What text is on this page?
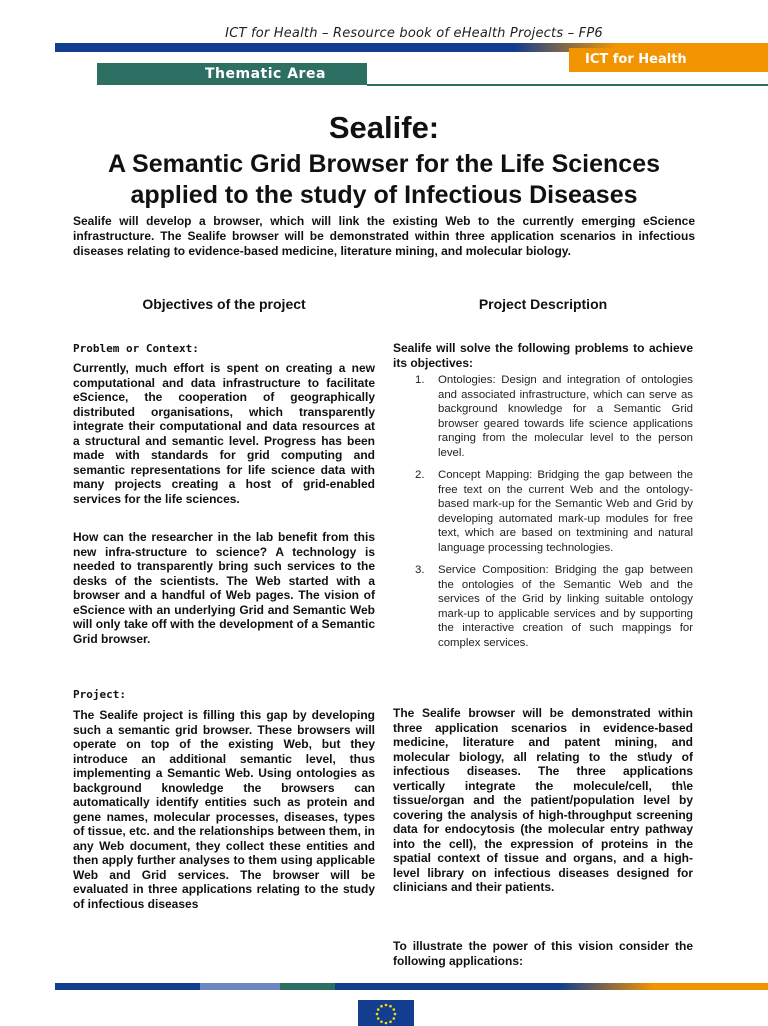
ICT for Health – Resource book of eHealth Projects – FP6
ICT for Health
Thematic Area
Sealife:
A Semantic Grid Browser for the Life Sciences
applied to the study of Infectious Diseases
Sealife will develop a browser, which will link the existing Web to the currently emerging eScience infrastructure. The Sealife browser will be demonstrated within three application scenarios in infectious diseases relating to evidence-based medicine, literature mining, and molecular biology.
Objectives of the project
Problem or Context:
Currently, much effort is spent on creating a new computational and data infrastructure to facilitate eScience, the cooperation of geographically distributed organisations, which transparently integrate their computational and data resources at a structural and semantic level. Progress has been made with standards for grid computing and semantic representations for life science data with many projects creating a host of grid-enabled services for the life sciences.
How can the researcher in the lab benefit from this new infra-structure to science? A technology is needed to transparently bring such services to the desks of the scientists. The Web started with a browser and a handful of Web pages. The vision of eScience with an underlying Grid and Semantic Web will only take off with the development of a Semantic Grid browser.
Project:
The Sealife project is filling this gap by developing such a semantic grid browser. These browsers will operate on top of the existing Web, but they introduce an additional semantic level, thus implementing a Semantic Web. Using ontologies as background knowledge the browsers can automatically identify entities such as protein and gene names, molecular processes, diseases, types of tissue, etc. and the relationships between them, in any Web document, they collect these entities and then apply further analyses to them using applicable Web and Grid services. The browser will be evaluated in three applications relating to the study of infectious diseases
Project Description
Sealife will solve the following problems to achieve its objectives:
1. Ontologies: Design and integration of ontologies and associated infrastructure, which can serve as background knowledge for a Semantic Grid browser geared towards life science applications ranging from the molecular level to the person level.
2. Concept Mapping: Bridging the gap between the free text on the current Web and the ontology-based mark-up for the Semantic Web and Grid by developing automated mark-up modules for free text, which are based on textmining and natural language processing technologies.
3. Service Composition: Bridging the gap between the ontologies of the Semantic Web and the services of the Grid by linking suitable ontology mark-up to applicable services and by supporting the interactive creation of such mappings for complex services.
The Sealife browser will be demonstrated within three application scenarios in evidence-based medicine, literature and patent mining, and molecular biology, all relating to the st\udy of infectious diseases. The three applications vertically integrate the molecule/cell, th\e tissue/organ and the patient/population level by covering the analysis of high-throughput screening data for endocytosis (the molecular entry pathway into the cell), the expression of proteins in the spatial context of tissue and organs, and a high-level library on infectious diseases designed for clinicians and their patients.
To illustrate the power of this vision consider the following applications:
